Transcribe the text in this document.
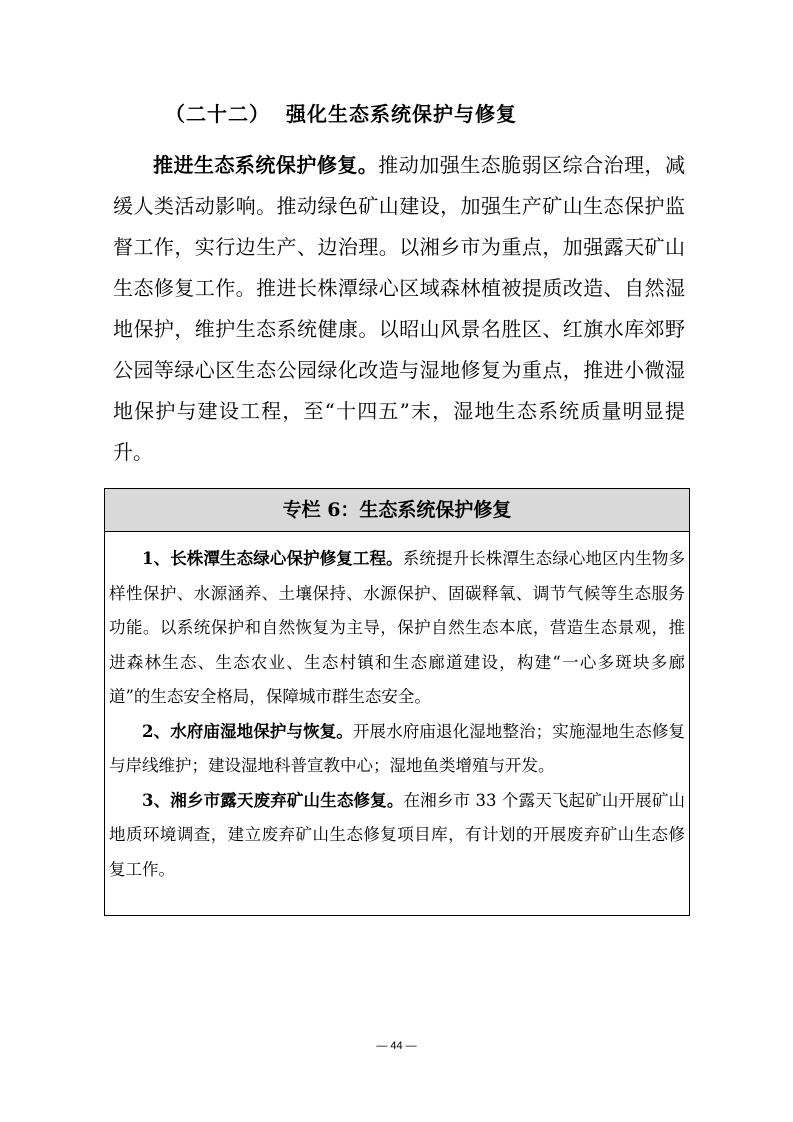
（二十二） 强化生态系统保护与修复

推进生态系统保护修复。推动加强生态脆弱区综合治理，减缓人类活动影响。推动绿色矿山建设，加强生产矿山生态保护监督工作，实行边生产、边治理。以湘乡市为重点，加强露天矿山生态修复工作。推进长株潭绿心区域森林植被提质改造、自然湿地保护，维护生态系统健康。以昭山风景名胜区、红旗水库郊野公园等绿心区生态公园绿化改造与湿地修复为重点，推进小微湿地保护与建设工程，至“十四五”末，湿地生态系统质量明显提升。

专栏 6：生态系统保护修复

1、长株潭生态绿心保护修复工程。系统提升长株潭生态绿心地区内生物多样性保护、水源涵养、土壤保持、水源保护、固碳释氧、调节气候等生态服务功能。以系统保护和自然恢复为主导，保护自然生态本底，营造生态景观，推进森林生态、生态农业、生态村镇和生态廊道建设，构建“一心多斑块多廊道”的生态安全格局，保障城市群生态安全。

2、水府庙湿地保护与恢复。开展水府庙退化湿地整治；实施湿地生态修复与岸线维护；建设湿地科普宣教中心；湿地鱼类增殖与开发。

3、湘乡市露天废弃矿山生态修复。在湘乡市 33 个露天飞起矿山开展矿山地质环境调查，建立废弃矿山生态修复项目库，有计划的开展废弃矿山生态修复工作。

— 44 —
